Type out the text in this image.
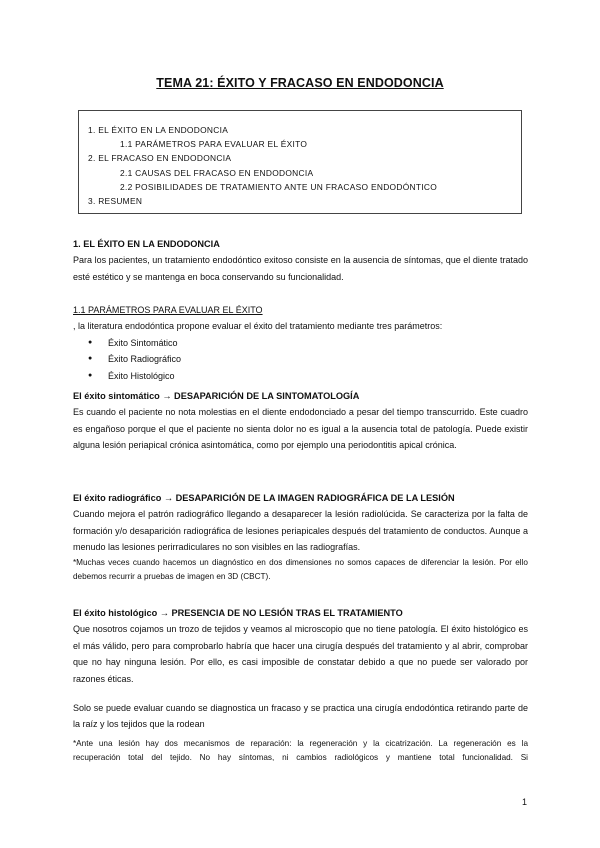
TEMA 21: ÉXITO Y FRACASO EN ENDODONCIA
1. EL ÉXITO EN LA ENDODONCIA
1.1 PARÁMETROS PARA EVALUAR EL ÉXITO
2. EL FRACASO EN ENDODONCIA
2.1 CAUSAS DEL FRACASO EN ENDODONCIA
2.2 POSIBILIDADES DE TRATAMIENTO ANTE UN FRACASO ENDODÓNTICO
3. RESUMEN
1. EL ÉXITO EN LA ENDODONCIA
Para los pacientes, un tratamiento endodóntico exitoso consiste en la ausencia de síntomas, que el diente tratado esté estético y se mantenga en boca conservando su funcionalidad.
1.1 PARÁMETROS PARA EVALUAR EL ÉXITO
, la literatura endodóntica propone evaluar el éxito del tratamiento mediante tres parámetros:
● Éxito Sintomático
● Éxito Radiográfico
● Éxito Histológico
El éxito sintomático → DESAPARICIÓN DE LA SINTOMATOLOGÍA
Es cuando el paciente no nota molestias en el diente endodonciado a pesar del tiempo transcurrido. Este cuadro es engañoso porque el que el paciente no sienta dolor no es igual a la ausencia total de patología. Puede existir alguna lesión periapical crónica asintomática, como por ejemplo una periodontitis apical crónica.
El éxito radiográfico → DESAPARICIÓN DE LA IMAGEN RADIOGRÁFICA DE LA LESIÓN
Cuando mejora el patrón radiográfico llegando a desaparecer la lesión radiolúcida. Se caracteriza por la falta de formación y/o desaparición radiográfica de lesiones periapicales después del tratamiento de conductos. Aunque a menudo las lesiones perirradiculares no son visibles en las radiografías.
*Muchas veces cuando hacemos un diagnóstico en dos dimensiones no somos capaces de diferenciar la lesión. Por ello debemos recurrir a pruebas de imagen en 3D (CBCT).
El éxito histológico → PRESENCIA DE NO LESIÓN TRAS EL TRATAMIENTO
Que nosotros cojamos un trozo de tejidos y veamos al microscopio que no tiene patología. El éxito histológico es el más válido, pero para comprobarlo habría que hacer una cirugía después del tratamiento y al abrir, comprobar que no hay ninguna lesión. Por ello, es casi imposible de constatar debido a que no puede ser valorado por razones éticas.
Solo se puede evaluar cuando se diagnostica un fracaso y se practica una cirugía endodóntica retirando parte de la raíz y los tejidos que la rodean
*Ante una lesión hay dos mecanismos de reparación: la regeneración y la cicatrización. La regeneración es la
recuperación total del tejido. No hay síntomas, ni cambios radiológicos y mantiene total funcionalidad. Si
1
